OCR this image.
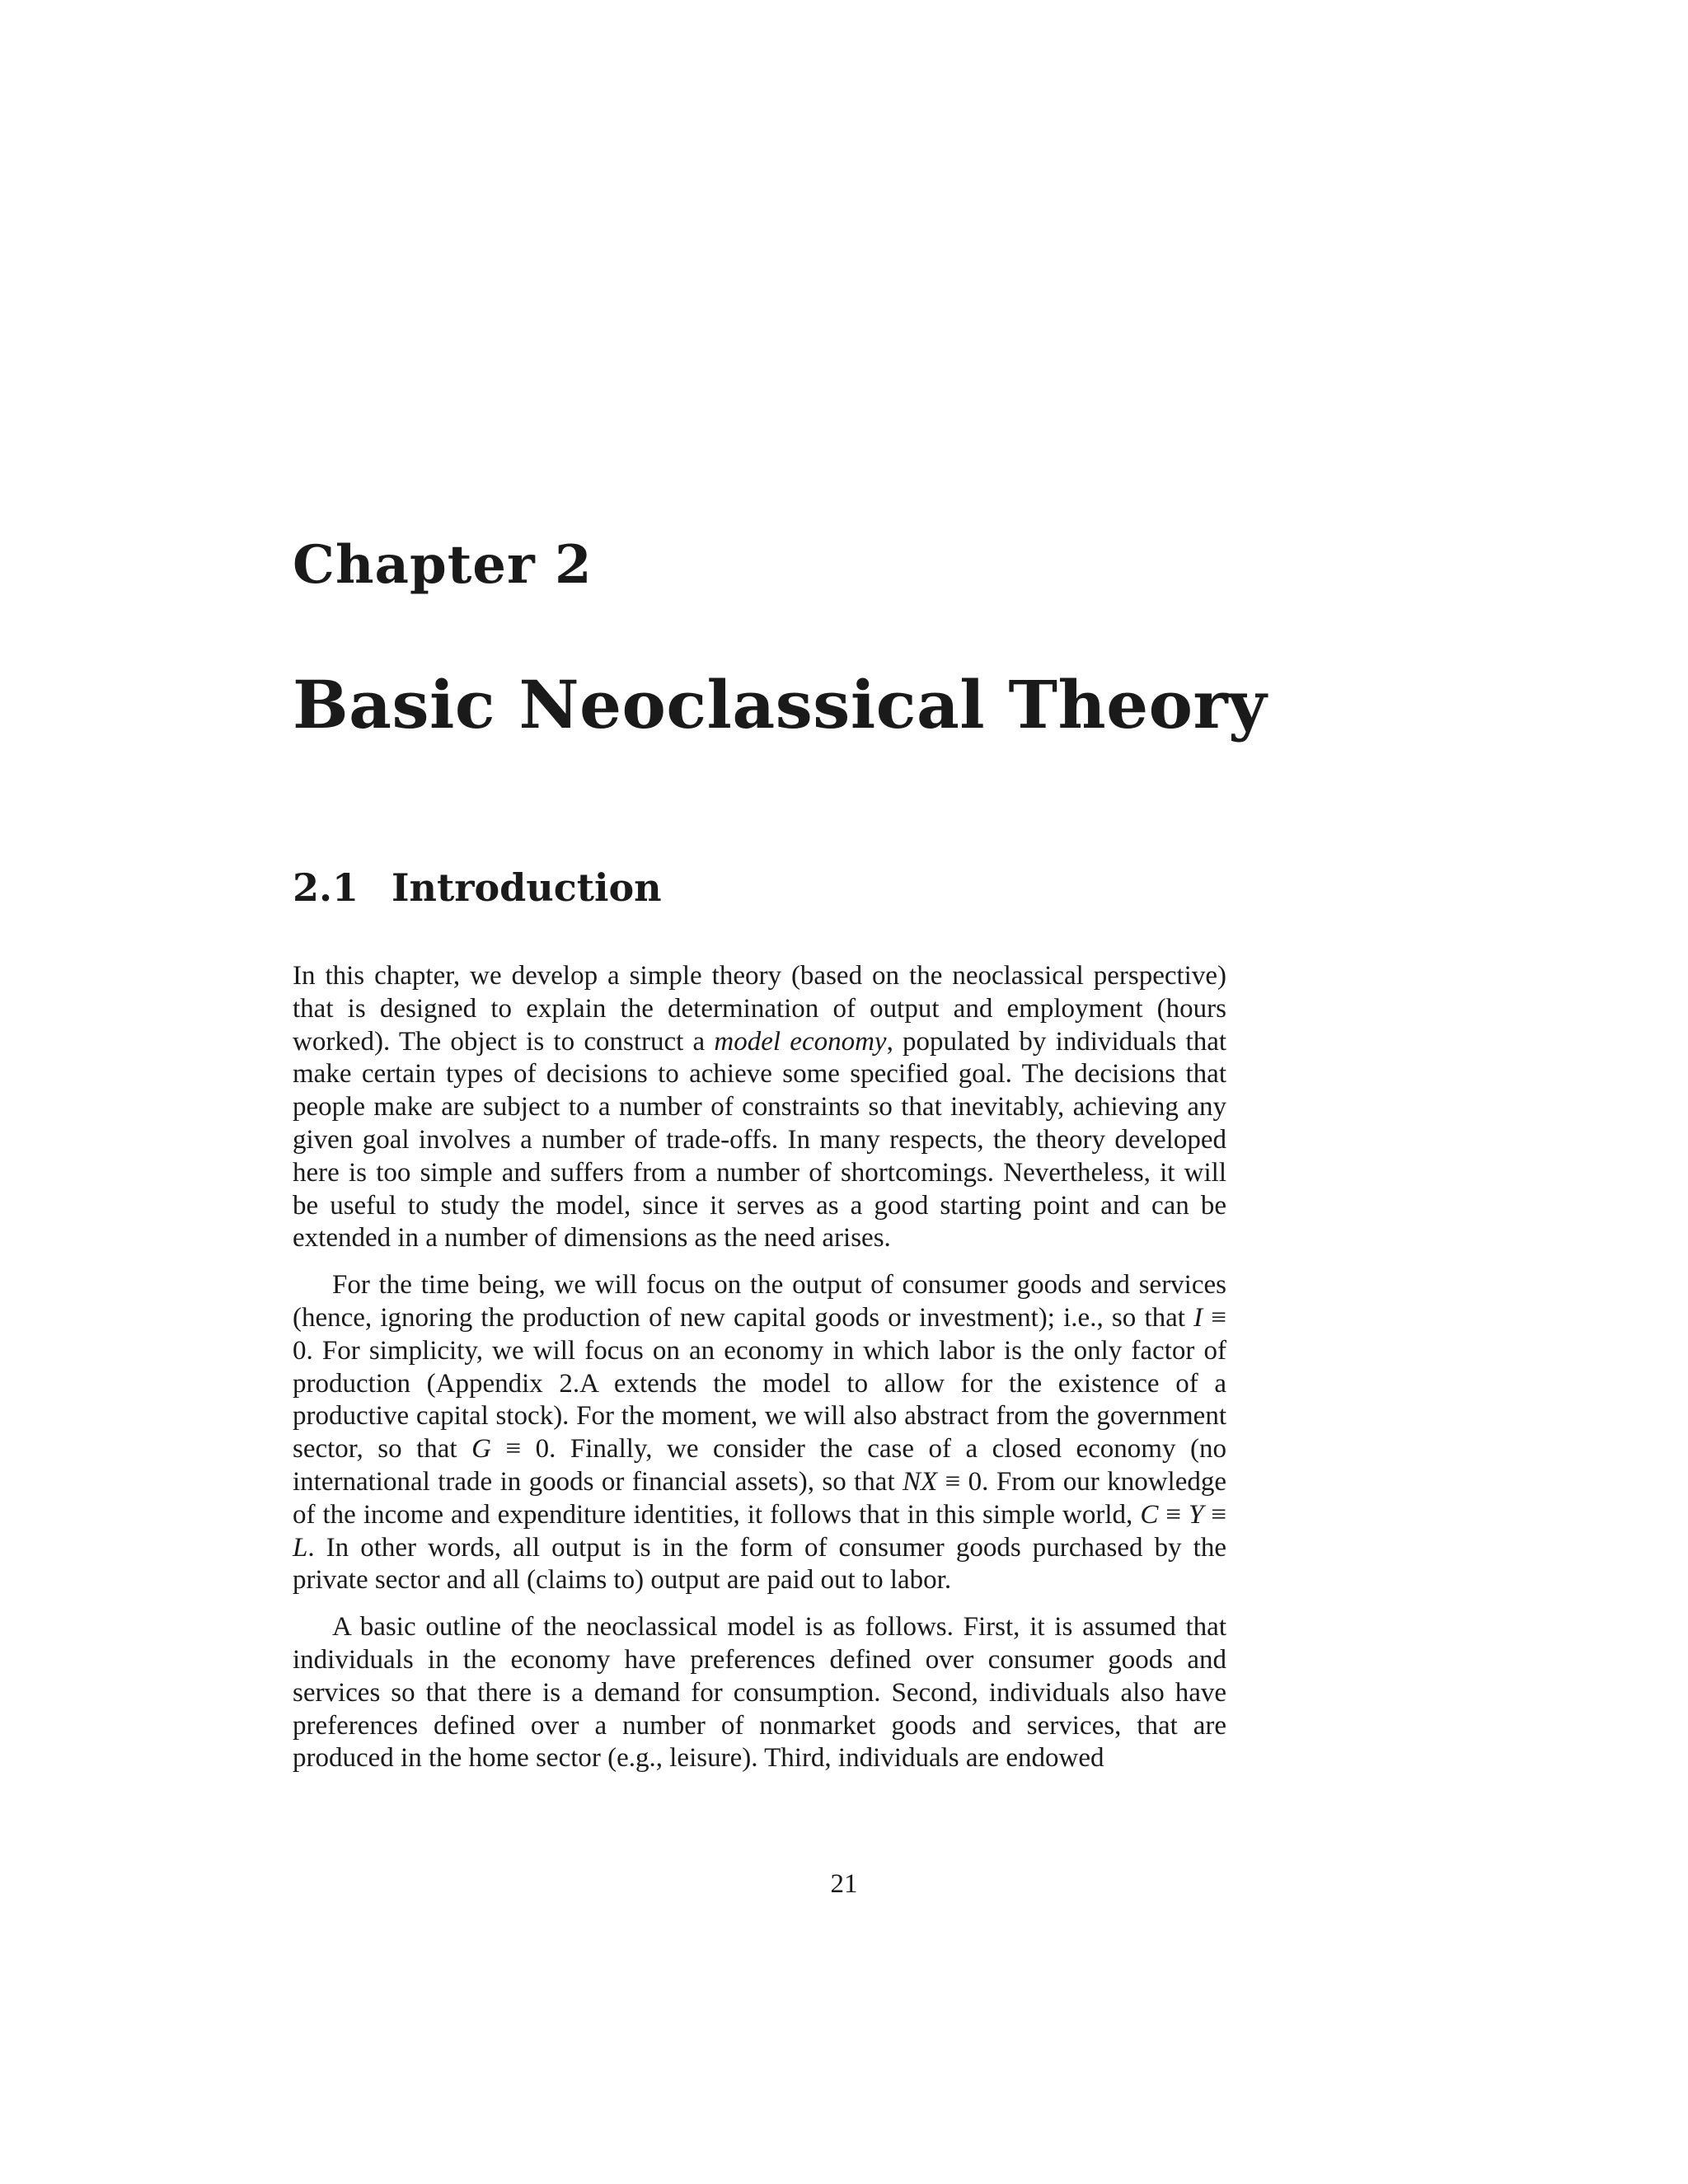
Chapter 2
Basic Neoclassical Theory
2.1 Introduction

In this chapter, we develop a simple theory (based on the neoclassical perspective) that is designed to explain the determination of output and employment (hours worked). The object is to construct a model economy, populated by individuals that make certain types of decisions to achieve some specified goal. The decisions that people make are subject to a number of constraints so that inevitably, achieving any given goal involves a number of trade-offs. In many respects, the theory developed here is too simple and suffers from a number of shortcomings. Nevertheless, it will be useful to study the model, since it serves as a good starting point and can be extended in a number of dimensions as the need arises.

For the time being, we will focus on the output of consumer goods and services (hence, ignoring the production of new capital goods or investment); i.e., so that I ≡ 0. For simplicity, we will focus on an economy in which labor is the only factor of production (Appendix 2.A extends the model to allow for the existence of a productive capital stock). For the moment, we will also abstract from the government sector, so that G ≡ 0. Finally, we consider the case of a closed economy (no international trade in goods or financial assets), so that NX ≡ 0. From our knowledge of the income and expenditure identities, it follows that in this simple world, C ≡ Y ≡ L. In other words, all output is in the form of consumer goods purchased by the private sector and all (claims to) output are paid out to labor.

A basic outline of the neoclassical model is as follows. First, it is assumed that individuals in the economy have preferences defined over consumer goods and services so that there is a demand for consumption. Second, individuals also have preferences defined over a number of nonmarket goods and services, that are produced in the home sector (e.g., leisure). Third, individuals are endowed

21
